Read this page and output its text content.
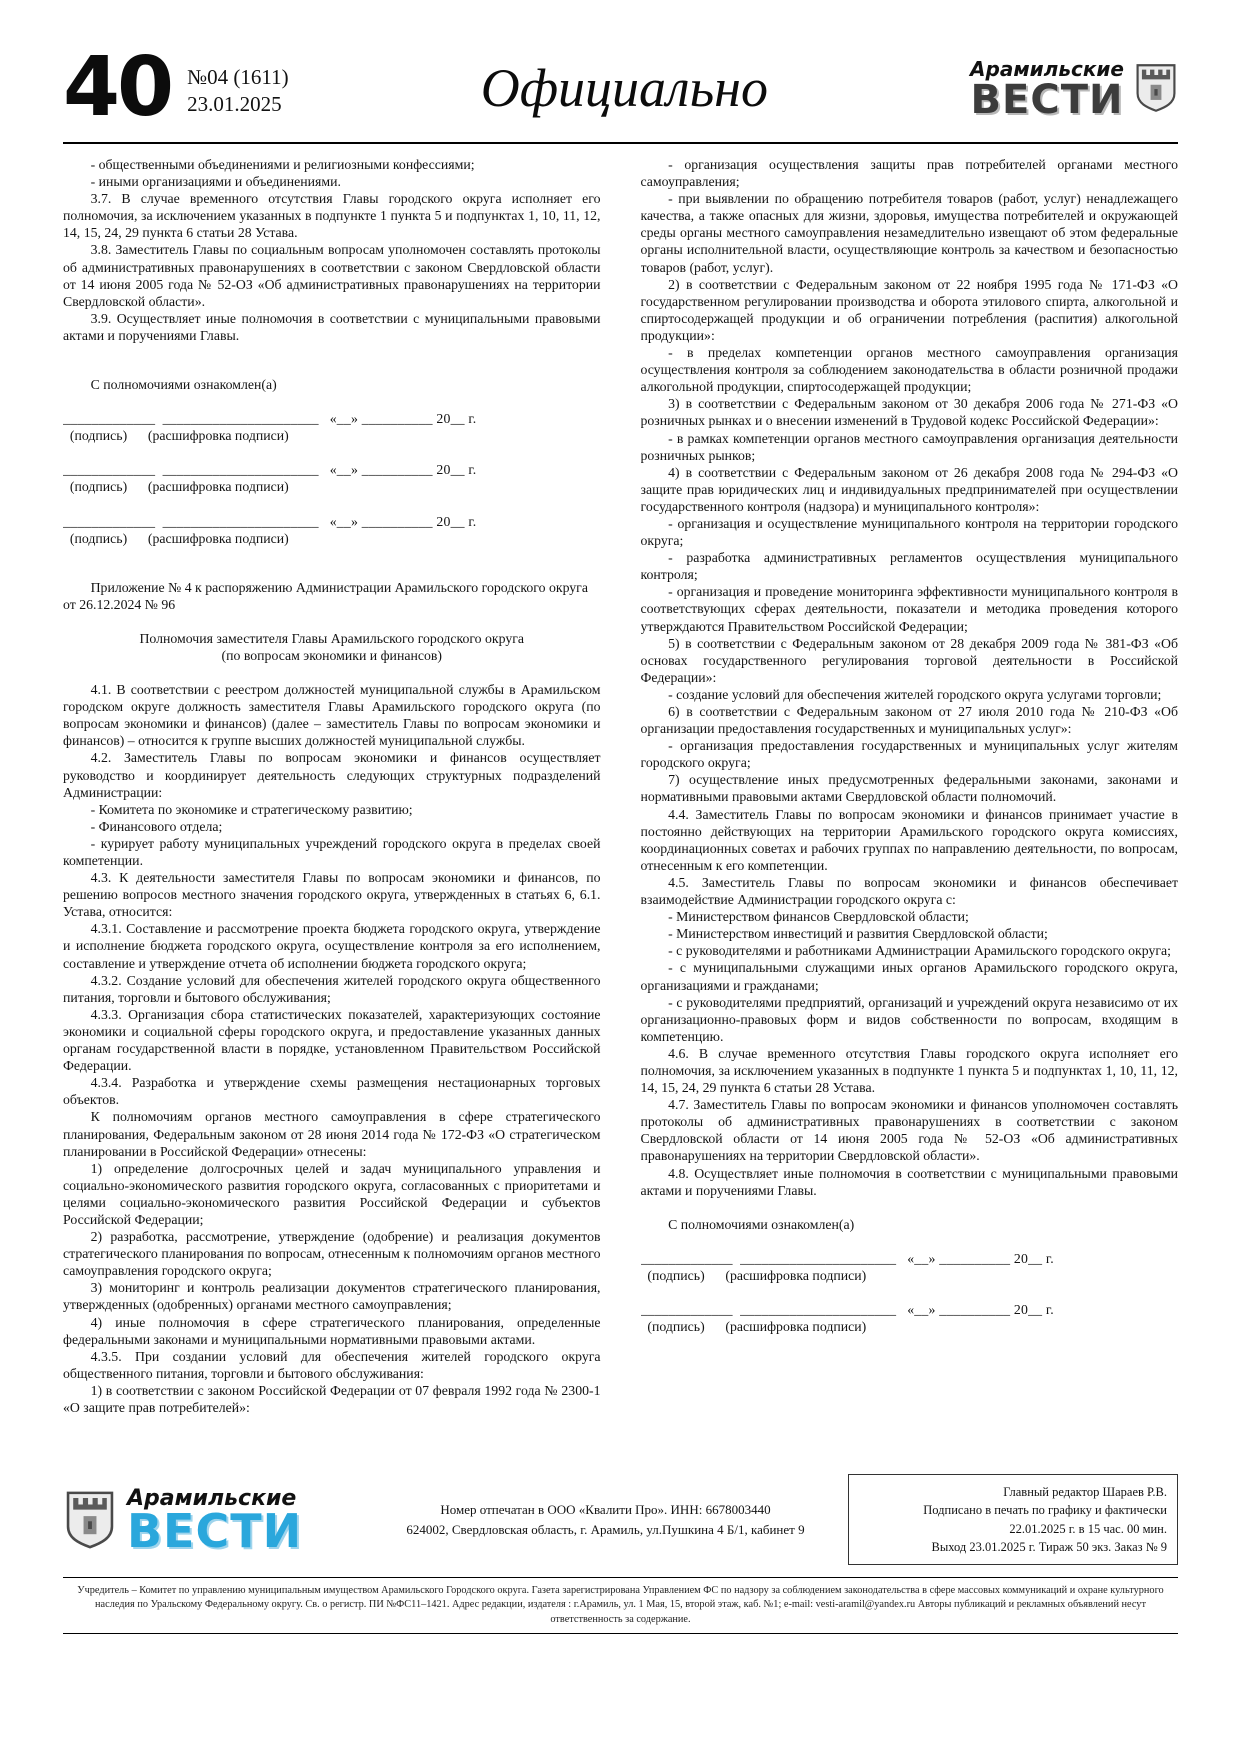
40 №04 (1611)
23.01.2025	Официально	Арамильские
ВЕСТИ

- общественными объединениями и религиозными конфессиями;

- иными организациями и объединениями.

3.7. В случае временного отсутствия Главы городского округа исполняет его полномочия, за исключением указанных в подпункте 1 пункта 5 и подпунктах 1, 10, 11, 12, 14, 15, 24, 29 пункта 6 статьи 28 Устава.

3.8. Заместитель Главы по социальным вопросам уполномочен составлять протоколы об административных правонарушениях в соответствии с законом Свердловской области от 14 июня 2005 года № 52-ОЗ «Об административных правонарушениях на территории Свердловской области».

3.9. Осуществляет иные полномочия в соответствии с муниципальными правовыми актами и поручениями Главы.

С полномочиями ознакомлен(а)

_____________  ______________________   «__» __________ 20__ г.

(подпись)      (расшифровка подписи)

_____________  ______________________   «__» __________ 20__ г.

(подпись)      (расшифровка подписи)

_____________  ______________________   «__» __________ 20__ г.

(подпись)      (расшифровка подписи)

Приложение № 4 к распоряжению Администрации Арамильского городского округа

от 26.12.2024 № 96

Полномочия заместителя Главы Арамильского городского округа

(по вопросам экономики и финансов)

4.1. В соответствии с реестром должностей муниципальной службы в Арамильском городском округе должность заместителя Главы Арамильского городского округа (по вопросам экономики и финансов) (далее – заместитель Главы по вопросам экономики и финансов) – относится к группе высших должностей муниципальной службы.

4.2. Заместитель Главы по вопросам экономики и финансов осуществляет руководство и координирует деятельность следующих структурных подразделений Администрации:

- Комитета по экономике и стратегическому развитию;

- Финансового отдела;

- курирует работу муниципальных учреждений городского округа в пределах своей компетенции.

4.3. К деятельности заместителя Главы по вопросам экономики и финансов, по решению вопросов местного значения городского округа, утвержденных в статьях 6, 6.1. Устава, относится:

4.3.1. Составление и рассмотрение проекта бюджета городского округа, утверждение и исполнение бюджета городского округа, осуществление контроля за его исполнением, составление и утверждение отчета об исполнении бюджета городского округа;

4.3.2. Создание условий для обеспечения жителей городского округа общественного питания, торговли и бытового обслуживания;

4.3.3. Организация сбора статистических показателей, характеризующих состояние экономики и социальной сферы городского округа, и предоставление указанных данных органам государственной власти в порядке, установленном Правительством Российской Федерации.

4.3.4. Разработка и утверждение схемы размещения нестационарных торговых объектов.

К полномочиям органов местного самоуправления в сфере стратегического планирования, Федеральным законом от 28 июня 2014 года № 172-ФЗ «О стратегическом планировании в Российской Федерации» отнесены:

1) определение долгосрочных целей и задач муниципального управления и социально-экономического развития городского округа, согласованных с приоритетами и целями социально-экономического развития Российской Федерации и субъектов Российской Федерации;

2) разработка, рассмотрение, утверждение (одобрение) и реализация документов стратегического планирования по вопросам, отнесенным к полномочиям органов местного самоуправления городского округа;

3) мониторинг и контроль реализации документов стратегического планирования, утвержденных (одобренных) органами местного самоуправления;

4) иные полномочия в сфере стратегического планирования, определенные федеральными законами и муниципальными нормативными правовыми актами.

4.3.5. При создании условий для обеспечения жителей городского округа общественного питания, торговли и бытового обслуживания:

1) в соответствии с законом Российской Федерации от 07 февраля 1992 года № 2300-1 «О защите прав потребителей»:

- организация осуществления защиты прав потребителей органами местного самоуправления;

- при выявлении по обращению потребителя товаров (работ, услуг) ненадлежащего качества, а также опасных для жизни, здоровья, имущества потребителей и окружающей среды органы местного самоуправления незамедлительно извещают об этом федеральные органы исполнительной власти, осуществляющие контроль за качеством и безопасностью товаров (работ, услуг).

2) в соответствии с Федеральным законом от 22 ноября 1995 года № 171-ФЗ «О государственном регулировании производства и оборота этилового спирта, алкогольной и спиртосодержащей продукции и об ограничении потребления (распития) алкогольной продукции»:

- в пределах компетенции органов местного самоуправления организация осуществления контроля за соблюдением законодательства в области розничной продажи алкогольной продукции, спиртосодержащей продукции;

3) в соответствии с Федеральным законом от 30 декабря 2006 года № 271-ФЗ «О розничных рынках и о внесении изменений в Трудовой кодекс Российской Федерации»:

- в рамках компетенции органов местного самоуправления организация деятельности розничных рынков;

4) в соответствии с Федеральным законом от 26 декабря 2008 года № 294-ФЗ «О защите прав юридических лиц и индивидуальных предпринимателей при осуществлении государственного контроля (надзора) и муниципального контроля»:

- организация и осуществление муниципального контроля на территории городского округа;

- разработка административных регламентов осуществления муниципального контроля;

- организация и проведение мониторинга эффективности муниципального контроля в соответствующих сферах деятельности, показатели и методика проведения которого утверждаются Правительством Российской Федерации;

5) в соответствии с Федеральным законом от 28 декабря 2009 года № 381-ФЗ «Об основах государственного регулирования торговой деятельности в Российской Федерации»:

- создание условий для обеспечения жителей городского округа услугами торговли;

6) в соответствии с Федеральным законом от 27 июля 2010 года № 210-ФЗ «Об организации предоставления государственных и муниципальных услуг»:

- организация предоставления государственных и муниципальных услуг жителям городского округа;

7) осуществление иных предусмотренных федеральными законами, законами и нормативными правовыми актами Свердловской области полномочий.

4.4. Заместитель Главы по вопросам экономики и финансов принимает участие в постоянно действующих на территории Арамильского городского округа комиссиях, координационных советах и рабочих группах по направлению деятельности, по вопросам, отнесенным к его компетенции.

4.5. Заместитель Главы по вопросам экономики и финансов обеспечивает взаимодействие Администрации городского округа с:

- Министерством финансов Свердловской области;

- Министерством инвестиций и развития Свердловской области;

- с руководителями и работниками Администрации Арамильского городского округа;

- с муниципальными служащими иных органов Арамильского городского округа, организациями и гражданами;

- с руководителями предприятий, организаций и учреждений округа независимо от их организационно-правовых форм и видов собственности по вопросам, входящим в компетенцию.

4.6. В случае временного отсутствия Главы городского округа исполняет его полномочия, за исключением указанных в подпункте 1 пункта 5 и подпунктах 1, 10, 11, 12, 14, 15, 24, 29 пункта 6 статьи 28 Устава.

4.7. Заместитель Главы по вопросам экономики и финансов уполномочен составлять протоколы об административных правонарушениях в соответствии с законом Свердловской области от 14 июня 2005 года № 52-ОЗ «Об административных правонарушениях на территории Свердловской области».

4.8. Осуществляет иные полномочия в соответствии с муниципальными правовыми актами и поручениями Главы.

С полномочиями ознакомлен(а)

_____________  ______________________   «__» __________ 20__ г.

(подпись)      (расшифровка подписи)

_____________  ______________________   «__» __________ 20__ г.

(подпись)      (расшифровка подписи)

Арамильские
ВЕСТИ	Номер отпечатан в ООО «Квалити Про». ИНН: 6678003440
624002, Свердловская область, г. Арамиль, ул.Пушкина 4 Б/1, кабинет 9
Главный редактор Шараев Р.В.
Подписано в печать по графику и фактически
22.01.2025 г. в 15 час. 00 мин.
Выход 23.01.2025 г. Тираж 50 экз. Заказ № 9
Учредитель – Комитет по управлению муниципальным имуществом Арамильского Городского округа. Газета зарегистрирована Управлением ФС по надзору за соблюдением законодательства в сфере массовых коммуникаций и охране культурного наследия по Уральскому Федеральному округу. Св. о регистр. ПИ №ФС11–1421. Адрес редакции, издателя : г.Арамиль, ул. 1 Мая, 15, второй этаж, каб. №1; e-mail: vesti-aramil@yandex.ru Авторы публикаций и рекламных объявлений несут ответственность за содержание.
